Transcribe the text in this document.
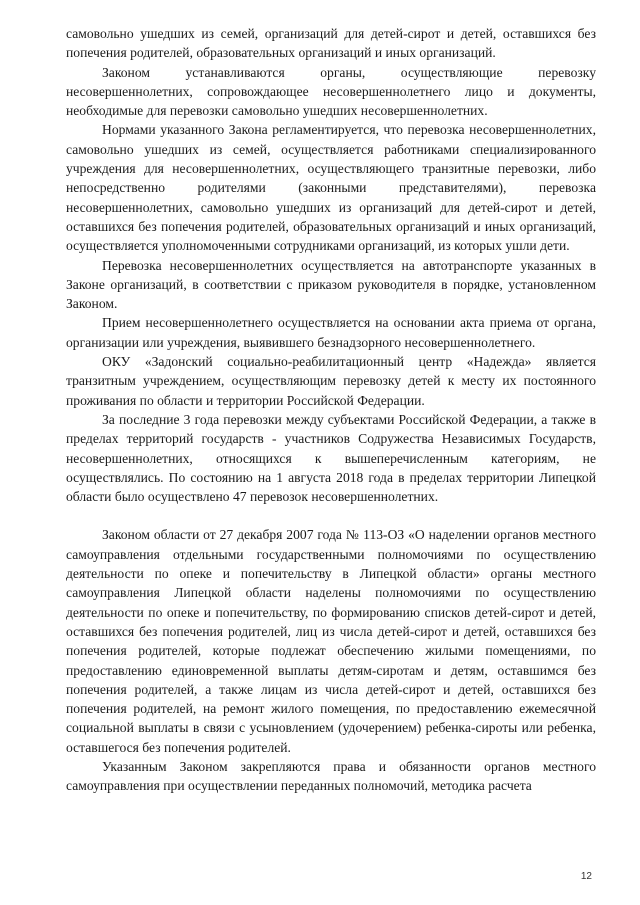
самовольно ушедших из семей, организаций для детей-сирот и детей, оставшихся без попечения родителей, образовательных организаций и иных организаций.

Законом устанавливаются органы, осуществляющие перевозку несовершеннолетних, сопровождающее несовершеннолетнего лицо и документы, необходимые для перевозки самовольно ушедших несовершеннолетних.

Нормами указанного Закона регламентируется, что перевозка несовершеннолетних, самовольно ушедших из семей, осуществляется работниками специализированного учреждения для несовершеннолетних, осуществляющего транзитные перевозки, либо непосредственно родителями (законными представителями), перевозка несовершеннолетних, самовольно ушедших из организаций для детей-сирот и детей, оставшихся без попечения родителей, образовательных организаций и иных организаций, осуществляется уполномоченными сотрудниками организаций, из которых ушли дети.

Перевозка несовершеннолетних осуществляется на автотранспорте указанных в Законе организаций, в соответствии с приказом руководителя в порядке, установленном Законом.

Прием несовершеннолетнего осуществляется на основании акта приема от органа, организации или учреждения, выявившего безнадзорного несовершеннолетнего.

ОКУ «Задонский социально-реабилитационный центр «Надежда» является транзитным учреждением, осуществляющим перевозку детей к месту их постоянного проживания по области и территории Российской Федерации.

За последние 3 года перевозки между субъектами Российской Федерации, а также в пределах территорий государств - участников Содружества Независимых Государств, несовершеннолетних, относящихся к вышеперечисленным категориям, не осуществлялись. По состоянию на 1 августа 2018 года в пределах территории Липецкой области было осуществлено 47 перевозок несовершеннолетних.

Законом области от 27 декабря 2007 года № 113-ОЗ «О наделении органов местного самоуправления отдельными государственными полномочиями по осуществлению деятельности по опеке и попечительству в Липецкой области» органы местного самоуправления Липецкой области наделены полномочиями по осуществлению деятельности по опеке и попечительству, по формированию списков детей-сирот и детей, оставшихся без попечения родителей, лиц из числа детей-сирот и детей, оставшихся без попечения родителей, которые подлежат обеспечению жилыми помещениями, по предоставлению единовременной выплаты детям-сиротам и детям, оставшимся без попечения родителей, а также лицам из числа детей-сирот и детей, оставшихся без попечения родителей, на ремонт жилого помещения, по предоставлению ежемесячной социальной выплаты в связи с усыновлением (удочерением) ребенка-сироты или ребенка, оставшегося без попечения родителей.

Указанным Законом закрепляются права и обязанности органов местного самоуправления при осуществлении переданных полномочий, методика расчета

12
